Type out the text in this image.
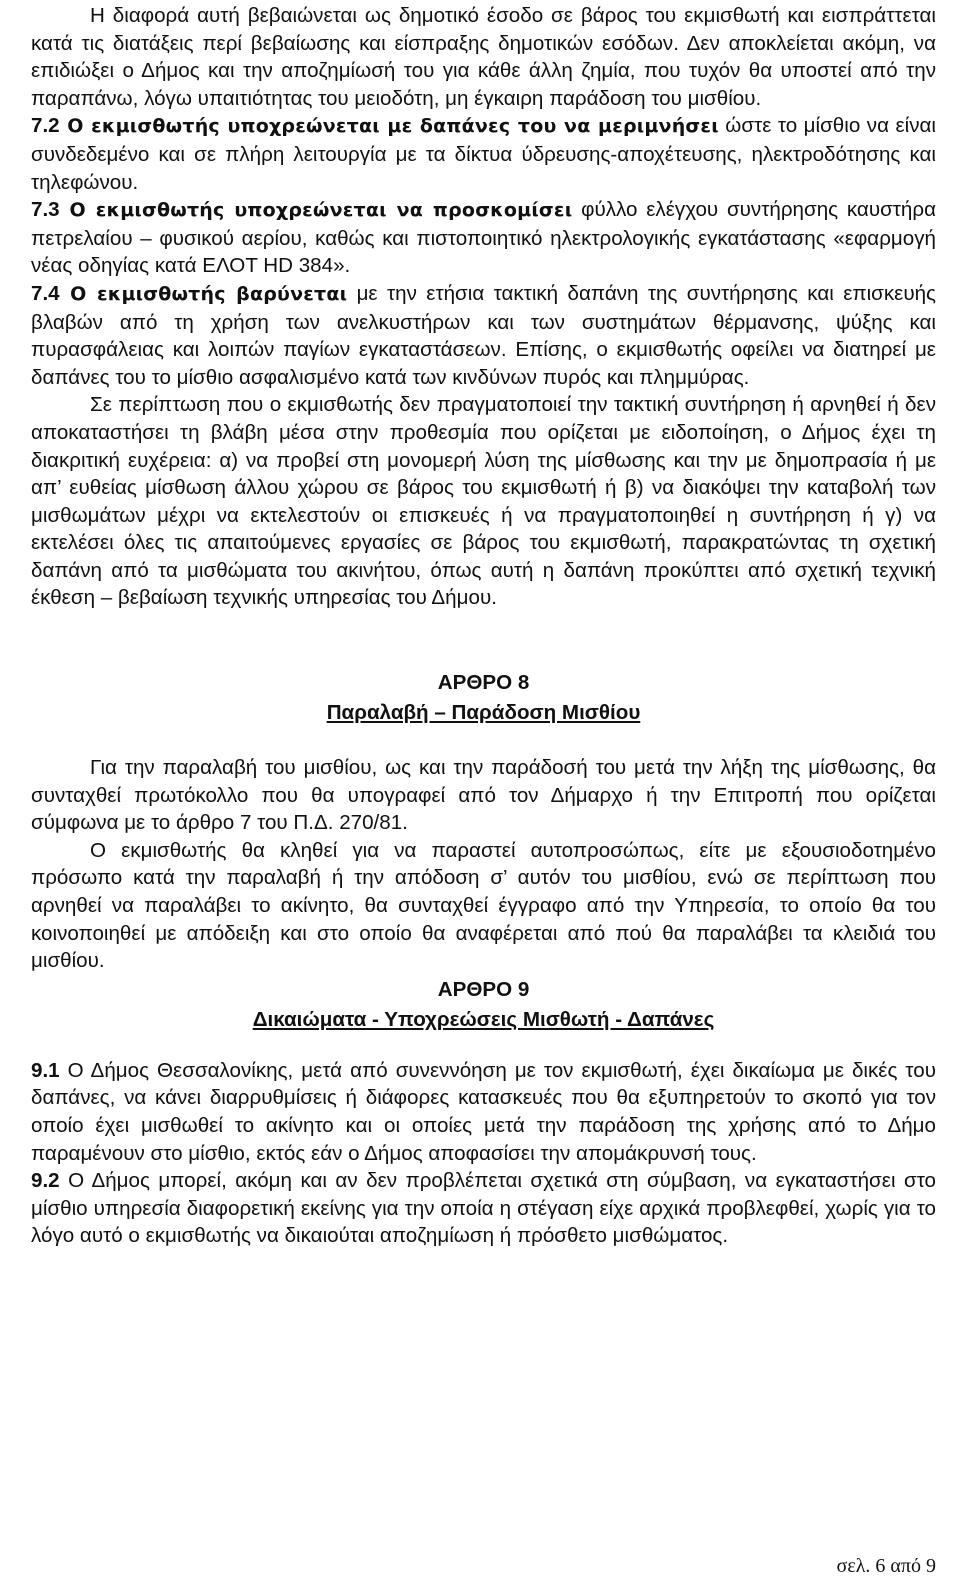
Η διαφορά αυτή βεβαιώνεται ως δημοτικό έσοδο σε βάρος του εκμισθωτή και εισπράττεται κατά τις διατάξεις περί βεβαίωσης και είσπραξης δημοτικών εσόδων. Δεν αποκλείεται ακόμη, να επιδιώξει ο Δήμος και την αποζημίωσή του για κάθε άλλη ζημία, που τυχόν θα υποστεί από την παραπάνω, λόγω υπαιτιότητας του μειοδότη, μη έγκαιρη παράδοση του μισθίου.

7.2 Ο εκμισθωτής υποχρεώνεται με δαπάνες του να μεριμνήσει ώστε το μίσθιο να είναι συνδεδεμένο και σε πλήρη λειτουργία με τα δίκτυα ύδρευσης-αποχέτευσης, ηλεκτροδότησης και τηλεφώνου.

7.3 Ο εκμισθωτής υποχρεώνεται να προσκομίσει φύλλο ελέγχου συντήρησης καυστήρα πετρελαίου – φυσικού αερίου, καθώς και πιστοποιητικό ηλεκτρολογικής εγκατάστασης «εφαρμογή νέας οδηγίας κατά ΕΛΟΤ HD 384».

7.4 Ο εκμισθωτής βαρύνεται με την ετήσια τακτική δαπάνη της συντήρησης και επισκευής βλαβών από τη χρήση των ανελκυστήρων και των συστημάτων θέρμανσης, ψύξης και πυρασφάλειας και λοιπών παγίων εγκαταστάσεων. Επίσης, ο εκμισθωτής οφείλει να διατηρεί με δαπάνες του το μίσθιο ασφαλισμένο κατά των κινδύνων πυρός και πλημμύρας.

Σε περίπτωση που ο εκμισθωτής δεν πραγματοποιεί την τακτική συντήρηση ή αρνηθεί ή δεν αποκαταστήσει τη βλάβη μέσα στην προθεσμία που ορίζεται με ειδοποίηση, ο Δήμος έχει τη διακριτική ευχέρεια: α) να προβεί στη μονομερή λύση της μίσθωσης και την με δημοπρασία ή με απ’ ευθείας μίσθωση άλλου χώρου σε βάρος του εκμισθωτή ή β) να διακόψει την καταβολή των μισθωμάτων μέχρι να εκτελεστούν οι επισκευές ή να πραγματοποιηθεί η συντήρηση ή γ) να εκτελέσει όλες τις απαιτούμενες εργασίες σε βάρος του εκμισθωτή, παρακρατώντας τη σχετική δαπάνη από τα μισθώματα του ακινήτου, όπως αυτή η δαπάνη προκύπτει από σχετική τεχνική έκθεση – βεβαίωση τεχνικής υπηρεσίας του Δήμου.

ΑΡΘΡΟ 8
Παραλαβή – Παράδοση Μισθίου

Για την παραλαβή του μισθίου, ως και την παράδοσή του μετά την λήξη της μίσθωσης, θα συνταχθεί πρωτόκολλο που θα υπογραφεί από τον Δήμαρχο ή την Επιτροπή που ορίζεται σύμφωνα με το άρθρο 7 του Π.Δ. 270/81.

Ο εκμισθωτής θα κληθεί για να παραστεί αυτοπροσώπως, είτε με εξουσιοδοτημένο πρόσωπο κατά την παραλαβή ή την απόδοση σ’ αυτόν του μισθίου, ενώ σε περίπτωση που αρνηθεί να παραλάβει το ακίνητο, θα συνταχθεί έγγραφο από την Υπηρεσία, το οποίο θα του κοινοποιηθεί με απόδειξη και στο οποίο θα αναφέρεται από πού θα παραλάβει τα κλειδιά του μισθίου.

ΑΡΘΡΟ 9
Δικαιώματα - Υποχρεώσεις Μισθωτή - Δαπάνες

9.1 Ο Δήμος Θεσσαλονίκης, μετά από συνεννόηση με τον εκμισθωτή, έχει δικαίωμα με δικές του δαπάνες, να κάνει διαρρυθμίσεις ή διάφορες κατασκευές που θα εξυπηρετούν το σκοπό για τον οποίο έχει μισθωθεί το ακίνητο και οι οποίες μετά την παράδοση της χρήσης από το Δήμο παραμένουν στο μίσθιο, εκτός εάν ο Δήμος αποφασίσει την απομάκρυνσή τους.

9.2 Ο Δήμος μπορεί, ακόμη και αν δεν προβλέπεται σχετικά στη σύμβαση, να εγκαταστήσει στο μίσθιο υπηρεσία διαφορετική εκείνης για την οποία η στέγαση είχε αρχικά προβλεφθεί, χωρίς για το λόγο αυτό ο εκμισθωτής να δικαιούται αποζημίωση ή πρόσθετο μισθώματος.

σελ. 6 από 9
